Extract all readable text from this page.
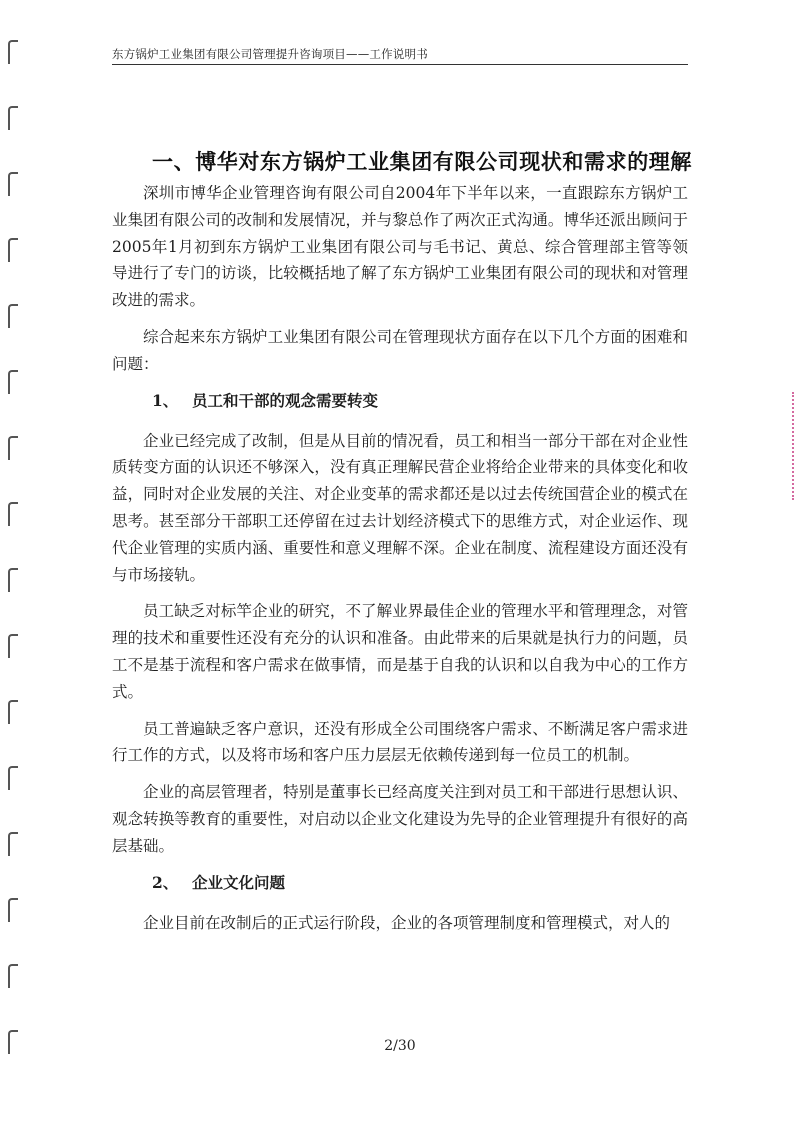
东方锅炉工业集团有限公司管理提升咨询项目——工作说明书
一、博华对东方锅炉工业集团有限公司现状和需求的理解

深圳市博华企业管理咨询有限公司自2004年下半年以来，一直跟踪东方锅炉工业集团有限公司的改制和发展情况，并与黎总作了两次正式沟通。博华还派出顾问于2005年1月初到东方锅炉工业集团有限公司与毛书记、黄总、综合管理部主管等领导进行了专门的访谈，比较概括地了解了东方锅炉工业集团有限公司的现状和对管理改进的需求。

综合起来东方锅炉工业集团有限公司在管理现状方面存在以下几个方面的困难和问题：

1、 员工和干部的观念需要转变

企业已经完成了改制，但是从目前的情况看，员工和相当一部分干部在对企业性质转变方面的认识还不够深入，没有真正理解民营企业将给企业带来的具体变化和收益，同时对企业发展的关注、对企业变革的需求都还是以过去传统国营企业的模式在思考。甚至部分干部职工还停留在过去计划经济模式下的思维方式，对企业运作、现代企业管理的实质内涵、重要性和意义理解不深。企业在制度、流程建设方面还没有与市场接轨。

员工缺乏对标竿企业的研究，不了解业界最佳企业的管理水平和管理理念，对管理的技术和重要性还没有充分的认识和准备。由此带来的后果就是执行力的问题，员工不是基于流程和客户需求在做事情，而是基于自我的认识和以自我为中心的工作方式。

员工普遍缺乏客户意识，还没有形成全公司围绕客户需求、不断满足客户需求进行工作的方式，以及将市场和客户压力层层无依赖传递到每一位员工的机制。

企业的高层管理者，特别是董事长已经高度关注到对员工和干部进行思想认识、观念转换等教育的重要性，对启动以企业文化建设为先导的企业管理提升有很好的高层基础。

2、 企业文化问题

企业目前在改制后的正式运行阶段，企业的各项管理制度和管理模式，对人的

2/30
